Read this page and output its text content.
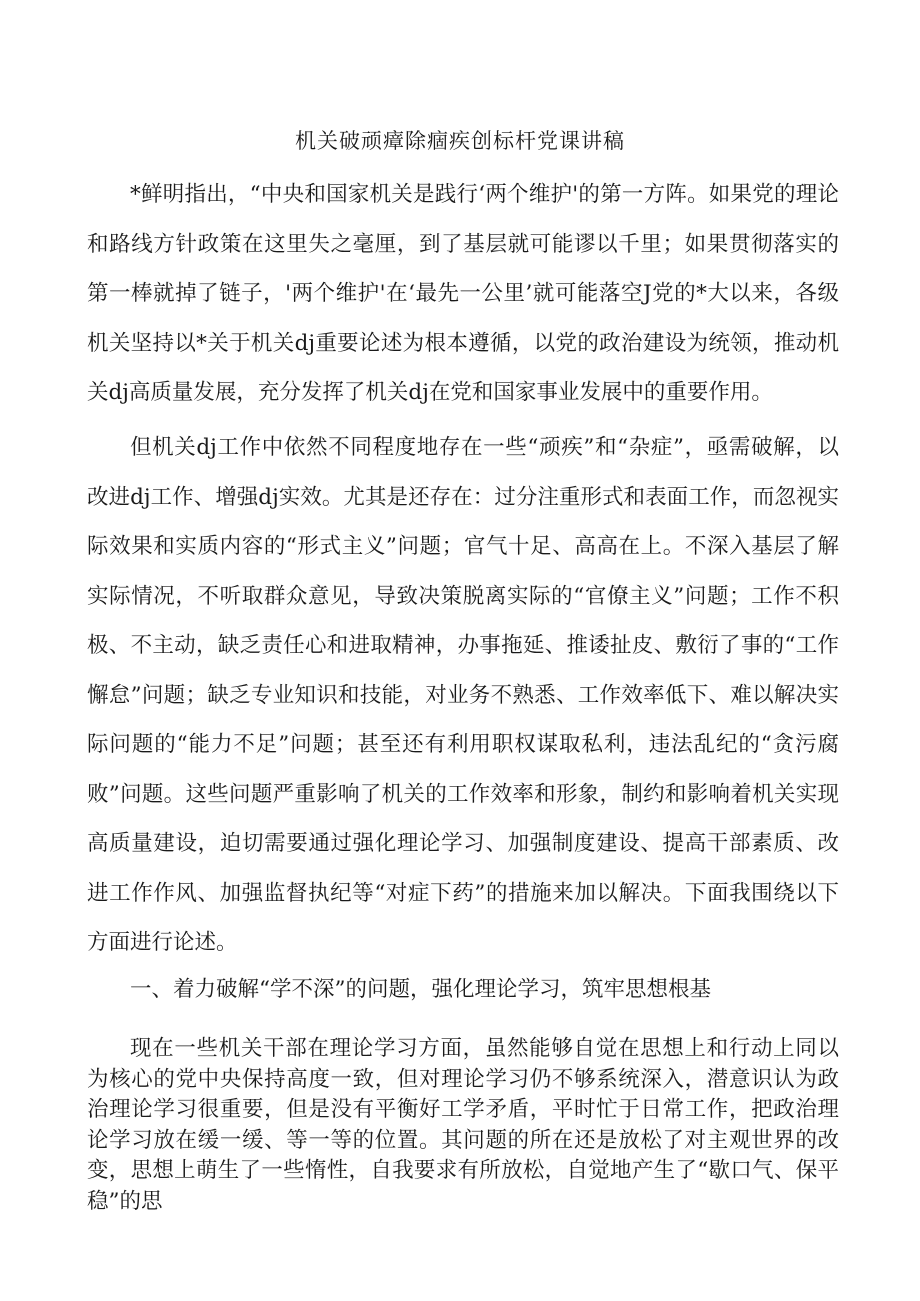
机关破顽瘴除痼疾创标杆党课讲稿

*鲜明指出，“中央和国家机关是践行‘两个维护'的第一方阵。如果党的理论和路线方针政策在这里失之毫厘，到了基层就可能谬以千里；如果贯彻落实的第一棒就掉了链子，'两个维护'在‘最先一公里’就可能落空J党的*大以来，各级机关坚持以*关于机关dj重要论述为根本遵循，以党的政治建设为统领，推动机关dj高质量发展，充分发挥了机关dj在党和国家事业发展中的重要作用。

但机关dj工作中依然不同程度地存在一些“顽疾”和“杂症”，亟需破解，以改进dj工作、增强dj实效。尤其是还存在：过分注重形式和表面工作，而忽视实际效果和实质内容的“形式主义”问题；官气十足、高高在上。不深入基层了解实际情况，不听取群众意见，导致决策脱离实际的“官僚主义”问题；工作不积极、不主动，缺乏责任心和进取精神，办事拖延、推诿扯皮、敷衍了事的“工作懈怠”问题；缺乏专业知识和技能，对业务不熟悉、工作效率低下、难以解决实际问题的“能力不足”问题；甚至还有利用职权谋取私利，违法乱纪的“贪污腐败”问题。这些问题严重影响了机关的工作效率和形象，制约和影响着机关实现高质量建设，迫切需要通过强化理论学习、加强制度建设、提高干部素质、改进工作作风、加强监督执纪等“对症下药”的措施来加以解决。下面我围绕以下方面进行论述。

一、着力破解“学不深”的问题，强化理论学习，筑牢思想根基

现在一些机关干部在理论学习方面，虽然能够自觉在思想上和行动上同以为核心的党中央保持高度一致，但对理论学习仍不够系统深入，潜意识认为政治理论学习很重要，但是没有平衡好工学矛盾，平时忙于日常工作，把政治理论学习放在缓一缓、等一等的位置。其问题的所在还是放松了对主观世界的改变，思想上萌生了一些惰性，自我要求有所放松，自觉地产生了“歇口气、保平稳”的思
